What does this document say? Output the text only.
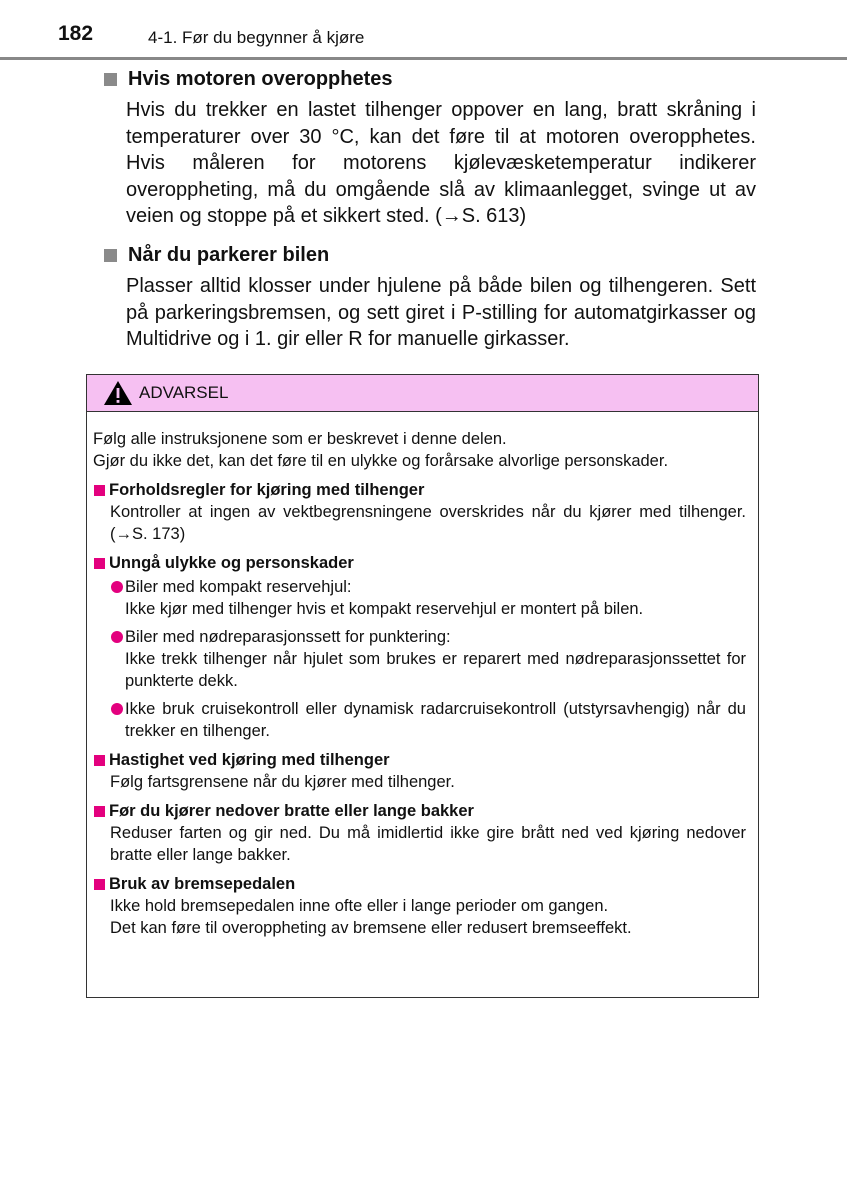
182	4-1. Før du begynner å kjøre
Hvis motoren overopphetes
Hvis du trekker en lastet tilhenger oppover en lang, bratt skråning i temperaturer over 30 °C, kan det føre til at motoren overopphetes. Hvis måleren for motorens kjølevæsketemperatur indikerer overoppheting, må du omgående slå av klimaanlegget, svinge ut av veien og stoppe på et sikkert sted. (→S. 613)
Når du parkerer bilen
Plasser alltid klosser under hjulene på både bilen og tilhengeren. Sett på parkeringsbremsen, og sett giret i P-stilling for automatgirkasser og Multidrive og i 1. gir eller R for manuelle girkasser.
ADVARSEL
Følg alle instruksjonene som er beskrevet i denne delen.
Gjør du ikke det, kan det føre til en ulykke og forårsake alvorlige personskader.
Forholdsregler for kjøring med tilhenger
Kontroller at ingen av vektbegrensningene overskrides når du kjører med tilhenger. (→S. 173)
Unngå ulykke og personskader
Biler med kompakt reservehjul:
Ikke kjør med tilhenger hvis et kompakt reservehjul er montert på bilen.
Biler med nødreparasjonssett for punktering:
Ikke trekk tilhenger når hjulet som brukes er reparert med nødreparasjonssettet for punkterte dekk.
Ikke bruk cruisekontroll eller dynamisk radarcruisekontroll (utstyrsavhengig) når du trekker en tilhenger.
Hastighet ved kjøring med tilhenger
Følg fartsgrensene når du kjører med tilhenger.
Før du kjører nedover bratte eller lange bakker
Reduser farten og gir ned. Du må imidlertid ikke gire brått ned ved kjøring nedover bratte eller lange bakker.
Bruk av bremsepedalen
Ikke hold bremsepedalen inne ofte eller i lange perioder om gangen.
Det kan føre til overoppheting av bremsene eller redusert bremseeffekt.
